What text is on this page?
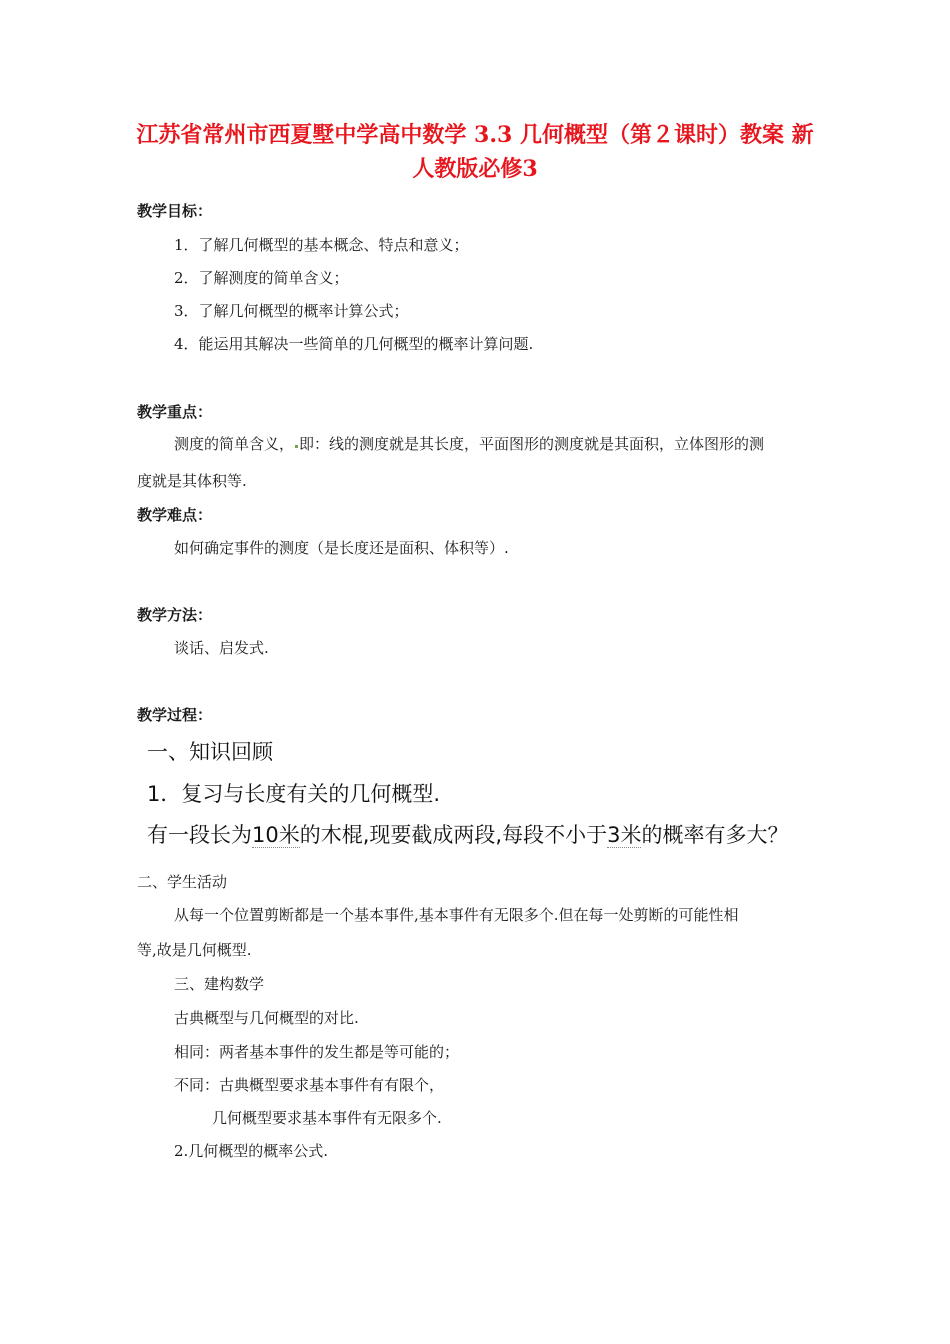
江苏省常州市西夏墅中学高中数学 3.3 几何概型（第２课时）教案 新
人教版必修3
教学目标：
1．了解几何概型的基本概念、特点和意义；
2．了解测度的简单含义；
3．了解几何概型的概率计算公式；
4．能运用其解决一些简单的几何概型的概率计算问题.
教学重点：
测度的简单含义， 即：线的测度就是其长度，平面图形的测度就是其面积，立体图形的测
度就是其体积等.
教学难点：
如何确定事件的测度（是长度还是面积、体积等）.
教学方法：
谈话、启发式.
教学过程：
一、知识回顾
1．复习与长度有关的几何概型.
有一段长为10米的木棍,现要截成两段,每段不小于3米的概率有多大？
二、学生活动
从每一个位置剪断都是一个基本事件,基本事件有无限多个.但在每一处剪断的可能性相
等,故是几何概型.
三、建构数学
古典概型与几何概型的对比.
相同：两者基本事件的发生都是等可能的；
不同：古典概型要求基本事件有有限个，
几何概型要求基本事件有无限多个.
2.几何概型的概率公式.
